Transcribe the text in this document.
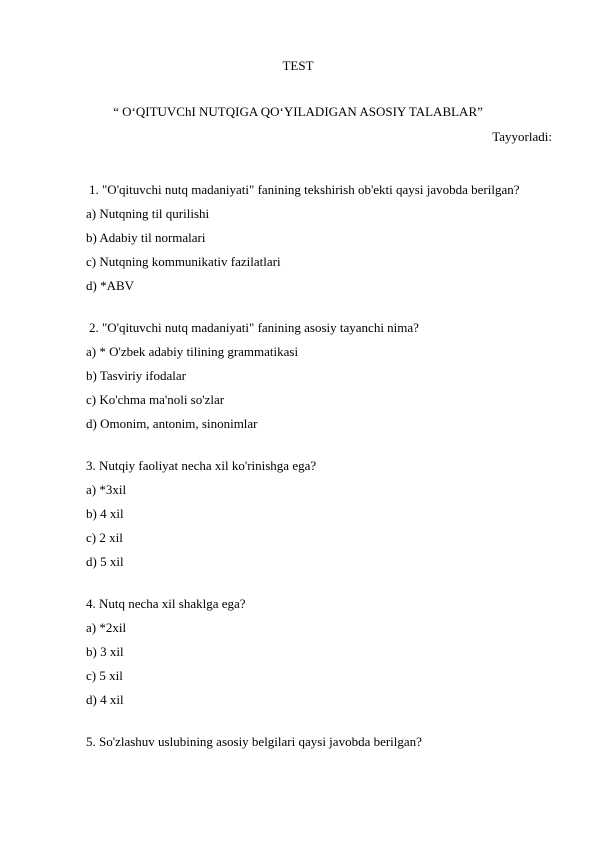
TEST
“ O‘QITUVChI NUTQIGA QO‘YILADIGAN ASOSIY TALABLAR”
Tayyorladi:
1. "O'qituvchi nutq madaniyati" fanining tekshirish ob'ekti qaysi javobda berilgan?
a) Nutqning til qurilishi
b) Adabiy til normalari
c) Nutqning kommunikativ fazilatlari
d) *ABV
2. "O'qituvchi nutq madaniyati" fanining asosiy tayanchi nima?
a) * O'zbek adabiy tilining grammatikasi
b) Tasviriy ifodalar
c) Ko'chma ma'noli so'zlar
d) Omonim, antonim, sinonimlar
3. Nutqiy faoliyat necha xil ko'rinishga ega?
a) *3xil
b) 4 xil
c) 2 xil
d) 5 xil
4. Nutq necha xil shaklga ega?
a) *2xil
b) 3 xil
c) 5 xil
d) 4 xil
5. So'zlashuv uslubining asosiy belgilari qaysi javobda berilgan?
